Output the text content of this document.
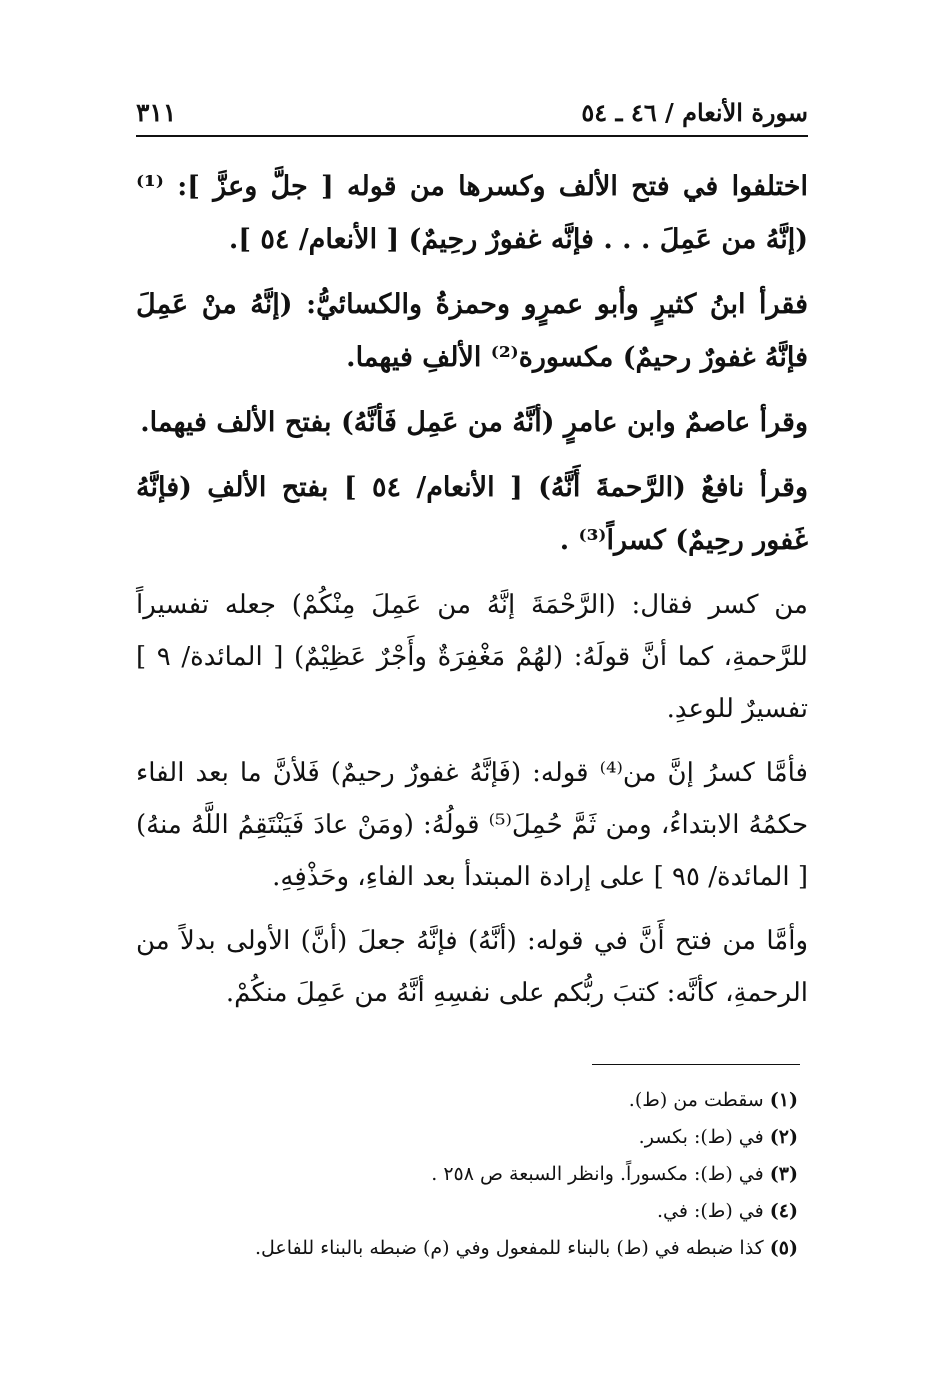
سورة الأنعام / ٤٦ ـ ٥٤
٣١١

اختلفوا في فتح الألف وكسرها من قوله [ جلَّ وعزَّ ]: ⁽¹⁾ (إنَّهُ من عَمِلَ . . . فإنَّه غفورٌ رحِيمٌ) [ الأنعام/ ٥٤ ].

فقرأ ابنُ كثيرٍ وأبو عمرٍو وحمزةُ والكسائيُّ: (إنَّهُ منْ عَمِلَ فإنَّهُ غفورٌ رحيمٌ) مكسورة⁽²⁾ الألفِ فيهما.

وقرأ عاصمٌ وابن عامرٍ (أنَّهُ من عَمِل فَأنَّهُ) بفتح الألف فيهما.

وقرأ نافعٌ (الرَّحمةَ أَنَّهُ) [ الأنعام/ ٥٤ ] بفتح الألفِ (فإنَّهُ غَفور رحِيمٌ) كسراً⁽³⁾ .

من كسر فقال: (الرَّحْمَةَ إنَّهُ من عَمِلَ مِنْكُمْ) جعله تفسيراً للرَّحمةِ، كما أنَّ قولَهُ: (لهُمْ مَغْفِرَةٌ وأَجْرٌ عَظِيْمٌ) [ المائدة/ ٩ ] تفسيرٌ للوعدِ.

فأمَّا كسرُ إنَّ من⁽⁴⁾ قوله: (فَإنَّهُ غفورٌ رحيمٌ) فَلأنَّ ما بعد الفاء حكمُهُ الابتداءُ، ومن ثَمَّ حُمِلَ⁽⁵⁾ قولُهُ: (ومَنْ عادَ فَيَنْتَقِمُ اللَّهُ منهُ) [ المائدة/ ٩٥ ] على إرادة المبتدأ بعد الفاءِ، وحَذْفِهِ.

وأمَّا من فتح أَنَّ في قوله: (أنَّهُ) فإنَّهُ جعلَ (أنَّ) الأولى بدلاً من الرحمةِ، كأنَّه: كتبَ ربُّكم على نفسِهِ أنَّهُ من عَمِلَ منكُمْ.

(١) سقطت من (ط).
(٢) في (ط): بكسر.
(٣) في (ط): مكسوراً. وانظر السبعة ص ٢٥٨ .
(٤) في (ط): في.
(٥) كذا ضبطه في (ط) بالبناء للمفعول وفي (م) ضبطه بالبناء للفاعل.
